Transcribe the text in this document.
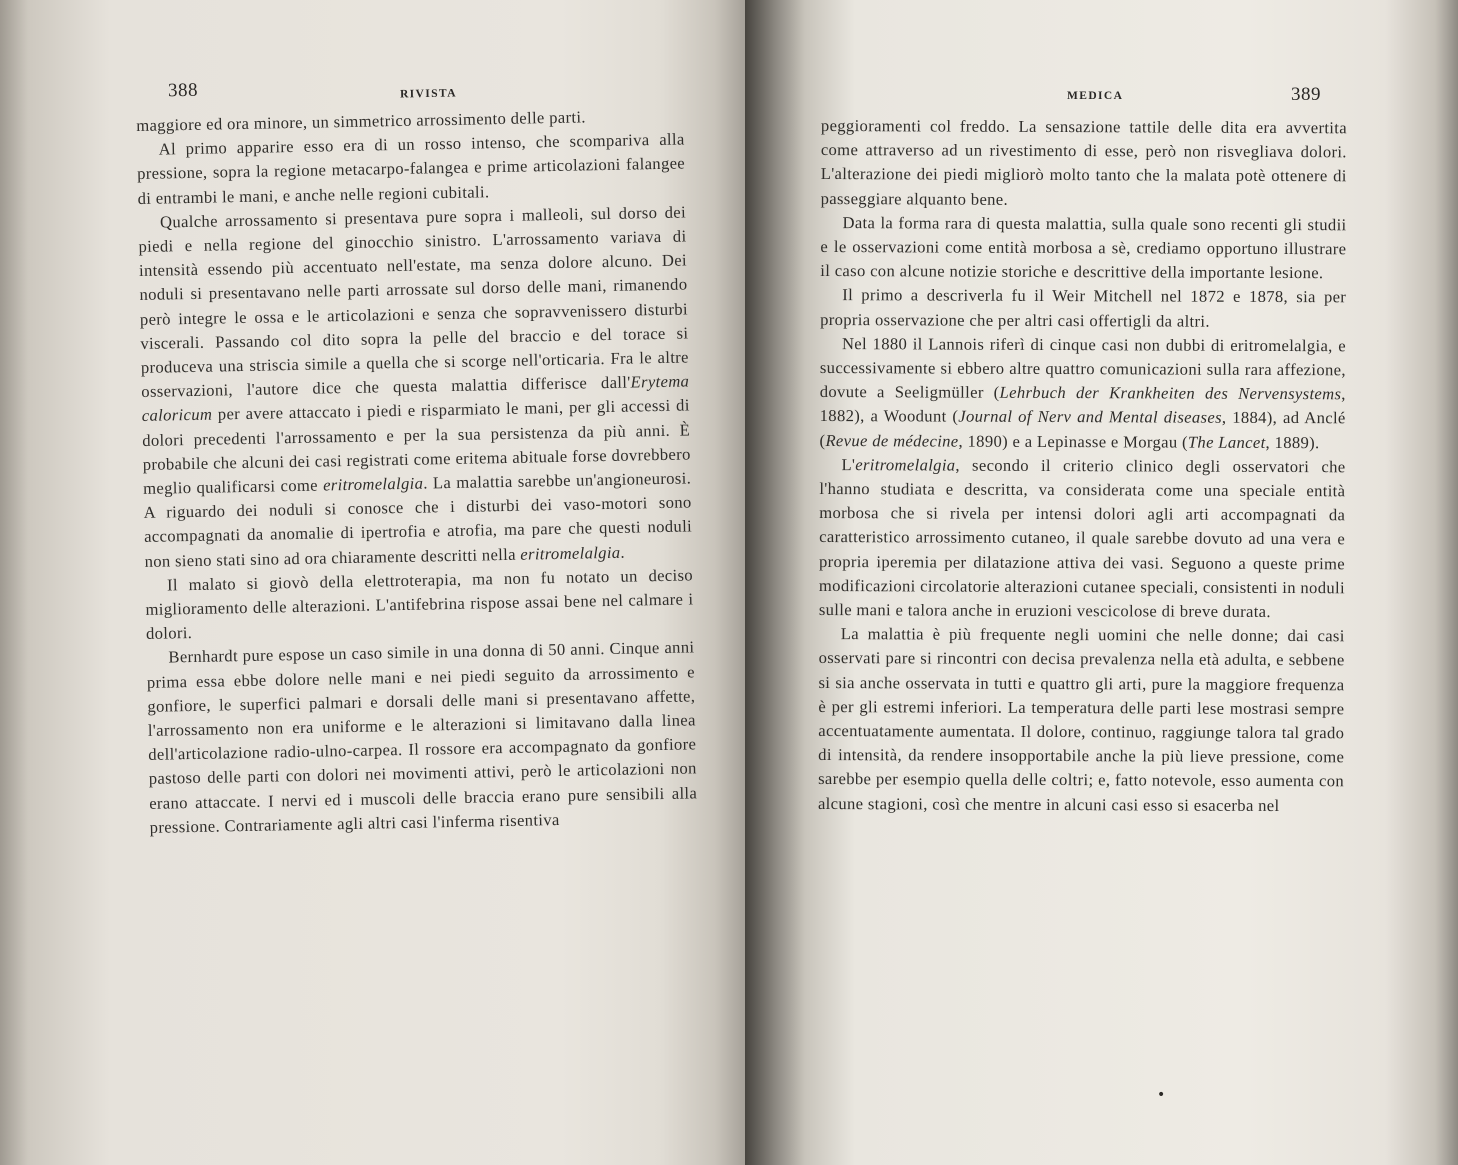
388	RIVISTA

maggiore ed ora minore, un simmetrico arrossimento delle parti.

Al primo apparire esso era di un rosso intenso, che scompariva alla pressione, sopra la regione metacarpo-falangea e prime articolazioni falangee di entrambi le mani, e anche nelle regioni cubitali.

Qualche arrossamento si presentava pure sopra i malleoli, sul dorso dei piedi e nella regione del ginocchio sinistro. L'arrossamento variava di intensità essendo più accentuato nell'estate, ma senza dolore alcuno. Dei noduli si presentavano nelle parti arrossate sul dorso delle mani, rimanendo però integre le ossa e le articolazioni e senza che sopravvenissero disturbi viscerali. Passando col dito sopra la pelle del braccio e del torace si produceva una striscia simile a quella che si scorge nell'orticaria. Fra le altre osservazioni, l'autore dice che questa malattia differisce dall'Erytema caloricum per avere attaccato i piedi e risparmiato le mani, per gli accessi di dolori precedenti l'arrossamento e per la sua persistenza da più anni. È probabile che alcuni dei casi registrati come eritema abituale forse dovrebbero meglio qualificarsi come eritromelalgia. La malattia sarebbe un'angioneurosi. A riguardo dei noduli si conosce che i disturbi dei vaso-motori sono accompagnati da anomalie di ipertrofia e atrofia, ma pare che questi noduli non sieno stati sino ad ora chiaramente descritti nella eritromelalgia.

Il malato si giovò della elettroterapia, ma non fu notato un deciso miglioramento delle alterazioni. L'antifebrina rispose assai bene nel calmare i dolori.

Bernhardt pure espose un caso simile in una donna di 50 anni. Cinque anni prima essa ebbe dolore nelle mani e nei piedi seguito da arrossimento e gonfiore, le superfici palmari e dorsali delle mani si presentavano affette, l'arrossamento non era uniforme e le alterazioni si limitavano dalla linea dell'articolazione radio-ulno-carpea. Il rossore era accompagnato da gonfiore pastoso delle parti con dolori nei movimenti attivi, però le articolazioni non erano attaccate. I nervi ed i muscoli delle braccia erano pure sensibili alla pressione. Contrariamente agli altri casi l'inferma risentiva

MEDICA	389

peggioramenti col freddo. La sensazione tattile delle dita era avvertita come attraverso ad un rivestimento di esse, però non risvegliava dolori. L'alterazione dei piedi migliorò molto tanto che la malata potè ottenere di passeggiare alquanto bene.

Data la forma rara di questa malattia, sulla quale sono recenti gli studii e le osservazioni come entità morbosa a sè, crediamo opportuno illustrare il caso con alcune notizie storiche e descrittive della importante lesione.

Il primo a descriverla fu il Weir Mitchell nel 1872 e 1878, sia per propria osservazione che per altri casi offertigli da altri.

Nel 1880 il Lannois riferì di cinque casi non dubbi di eritromelalgia, e successivamente si ebbero altre quattro comunicazioni sulla rara affezione, dovute a Seeligmüller (Lehrbuch der Krankheiten des Nervensystems, 1882), a Woodunt (Journal of Nerv and Mental diseases, 1884), ad Anclé (Revue de médecine, 1890) e a Lepinasse e Morgau (The Lancet, 1889).

L'eritromelalgia, secondo il criterio clinico degli osservatori che l'hanno studiata e descritta, va considerata come una speciale entità morbosa che si rivela per intensi dolori agli arti accompagnati da caratteristico arrossimento cutaneo, il quale sarebbe dovuto ad una vera e propria iperemia per dilatazione attiva dei vasi. Seguono a queste prime modificazioni circolatorie alterazioni cutanee speciali, consistenti in noduli sulle mani e talora anche in eruzioni vescicolose di breve durata.

La malattia è più frequente negli uomini che nelle donne; dai casi osservati pare si rincontri con decisa prevalenza nella età adulta, e sebbene si sia anche osservata in tutti e quattro gli arti, pure la maggiore frequenza è per gli estremi inferiori. La temperatura delle parti lese mostrasi sempre accentuatamente aumentata. Il dolore, continuo, raggiunge talora tal grado di intensità, da rendere insopportabile anche la più lieve pressione, come sarebbe per esempio quella delle coltri; e, fatto notevole, esso aumenta con alcune stagioni, così che mentre in alcuni casi esso si esacerba nel

•
